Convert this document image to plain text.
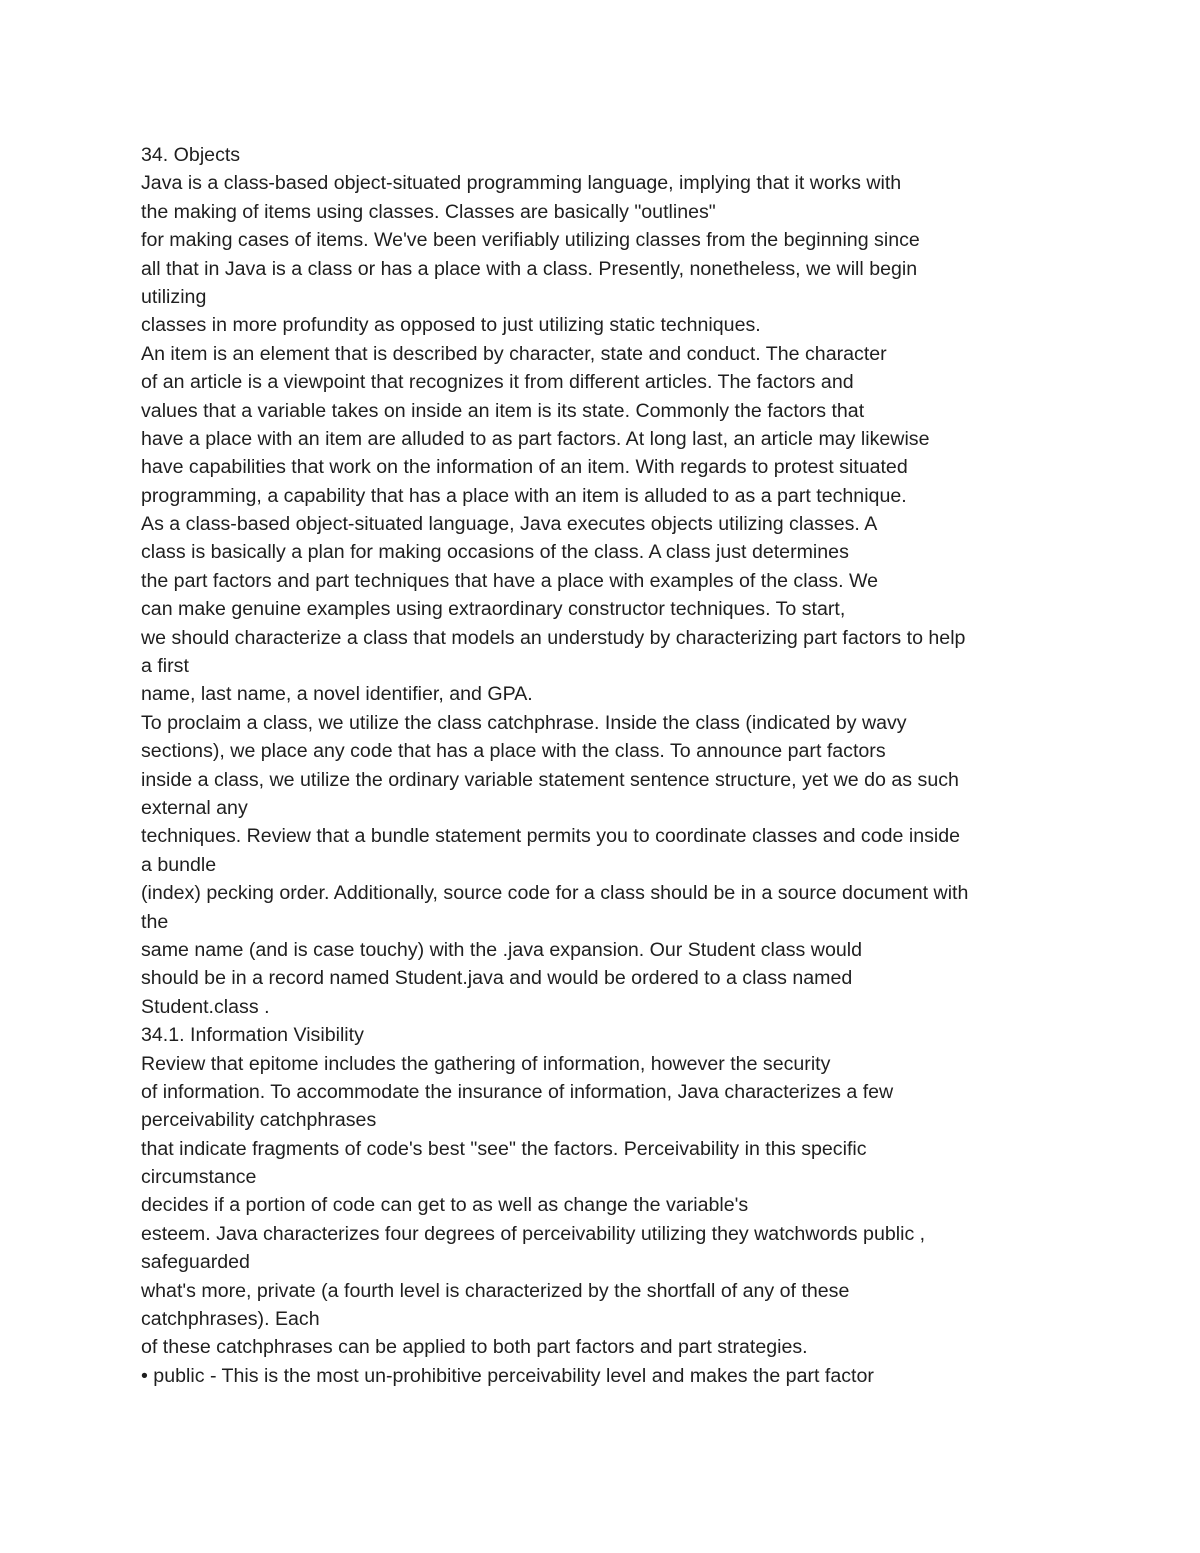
34. Objects
Java is a class-based object-situated programming language, implying that it works with
the making of items using classes. Classes are basically "outlines"
for making cases of items. We've been verifiably utilizing classes from the beginning since
all that in Java is a class or has a place with a class. Presently, nonetheless, we will begin
utilizing
classes in more profundity as opposed to just utilizing static techniques.
An item is an element that is described by character, state and conduct. The character
of an article is a viewpoint that recognizes it from different articles. The factors and
values that a variable takes on inside an item is its state. Commonly the factors that
have a place with an item are alluded to as part factors. At long last, an article may likewise
have capabilities that work on the information of an item. With regards to protest situated
programming, a capability that has a place with an item is alluded to as a part technique.
As a class-based object-situated language, Java executes objects utilizing classes. A
class is basically a plan for making occasions of the class. A class just determines
the part factors and part techniques that have a place with examples of the class. We
can make genuine examples using extraordinary constructor techniques. To start,
we should characterize a class that models an understudy by characterizing part factors to help
a first
name, last name, a novel identifier, and GPA.
To proclaim a class, we utilize the class catchphrase. Inside the class (indicated by wavy
sections), we place any code that has a place with the class. To announce part factors
inside a class, we utilize the ordinary variable statement sentence structure, yet we do as such
external any
techniques. Review that a bundle statement permits you to coordinate classes and code inside
a bundle
(index) pecking order. Additionally, source code for a class should be in a source document with
the
same name (and is case touchy) with the .java expansion. Our Student class would
should be in a record named Student.java and would be ordered to a class named
Student.class .
34.1. Information Visibility
Review that epitome includes the gathering of information, however the security
of information. To accommodate the insurance of information, Java characterizes a few
perceivability catchphrases
that indicate fragments of code's best "see" the factors. Perceivability in this specific
circumstance
decides if a portion of code can get to as well as change the variable's
esteem. Java characterizes four degrees of perceivability utilizing they watchwords public ,
safeguarded
what's more, private (a fourth level is characterized by the shortfall of any of these
catchphrases). Each
of these catchphrases can be applied to both part factors and part strategies.
• public - This is the most un-prohibitive perceivability level and makes the part factor
